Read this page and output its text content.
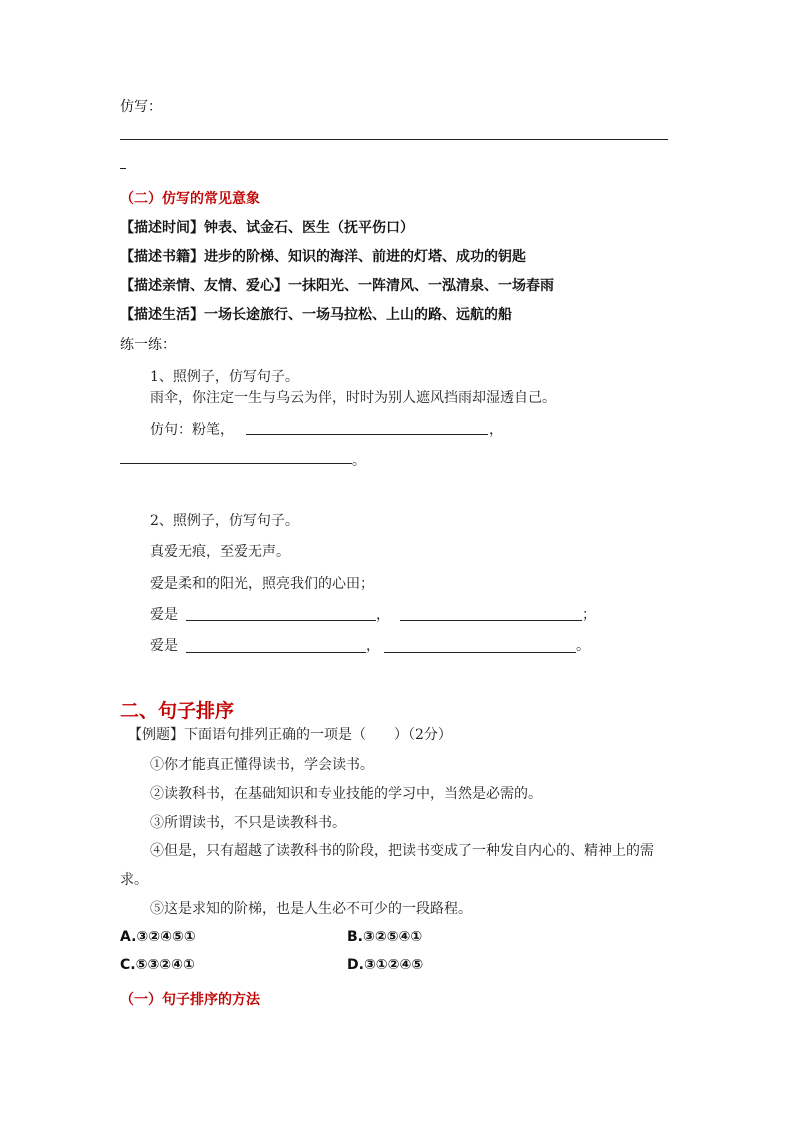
仿写：
（二）仿写的常见意象
【描述时间】钟表、试金石、医生（抚平伤口）
【描述书籍】进步的阶梯、知识的海洋、前进的灯塔、成功的钥匙
【描述亲情、友情、爱心】一抹阳光、一阵清风、一泓清泉、一场春雨
【描述生活】一场长途旅行、一场马拉松、上山的路、远航的船
练一练：
1、照例子，仿写句子。
雨伞，你注定一生与乌云为伴，时时为别人遮风挡雨却湿透自己。
仿句：粉笔，	，
。
2、照例子，仿写句子。
真爱无痕，至爱无声。
爱是柔和的阳光，照亮我们的心田；
爱是	，	；
爱是	，	。
二、句子排序
【例题】下面语句排列正确的一项是（　　）（2分）
①你才能真正懂得读书，学会读书。
②读教科书，在基础知识和专业技能的学习中，当然是必需的。
③所谓读书，不只是读教科书。
④但是，只有超越了读教科书的阶段，把读书变成了一种发自内心的、精神上的需
求。
⑤这是求知的阶梯，也是人生必不可少的一段路程。
A.③②④⑤①	B.③②⑤④①
C.⑤③②④①	D.③①②④⑤
（一）句子排序的方法
